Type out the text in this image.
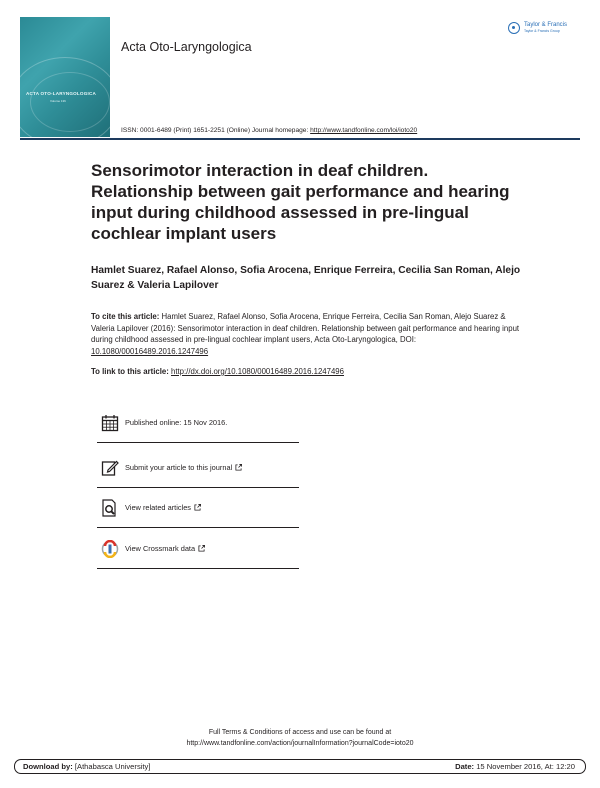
ACTA OTO-LARYNGOLOGICA
Volume 136
Acta Oto-Laryngologica
Taylor & Francis
Taylor & Francis Group
ISSN: 0001-6489 (Print) 1651-2251 (Online) Journal homepage: http://www.tandfonline.com/loi/ioto20
Sensorimotor interaction in deaf children. Relationship between gait performance and hearing input during childhood assessed in pre-lingual cochlear implant users
Hamlet Suarez, Rafael Alonso, Sofia Arocena, Enrique Ferreira, Cecilia San Roman, Alejo Suarez & Valeria Lapilover
To cite this article: Hamlet Suarez, Rafael Alonso, Sofia Arocena, Enrique Ferreira, Cecilia San Roman, Alejo Suarez & Valeria Lapilover (2016): Sensorimotor interaction in deaf children. Relationship between gait performance and hearing input during childhood assessed in pre-lingual cochlear implant users, Acta Oto-Laryngologica, DOI: 10.1080/00016489.2016.1247496
To link to this article: http://dx.doi.org/10.1080/00016489.2016.1247496
Published online: 15 Nov 2016.
Submit your article to this journal
View related articles
View Crossmark data
Full Terms & Conditions of access and use can be found at
http://www.tandfonline.com/action/journalInformation?journalCode=ioto20
Download by: [Athabasca University]	Date: 15 November 2016, At: 12:20
